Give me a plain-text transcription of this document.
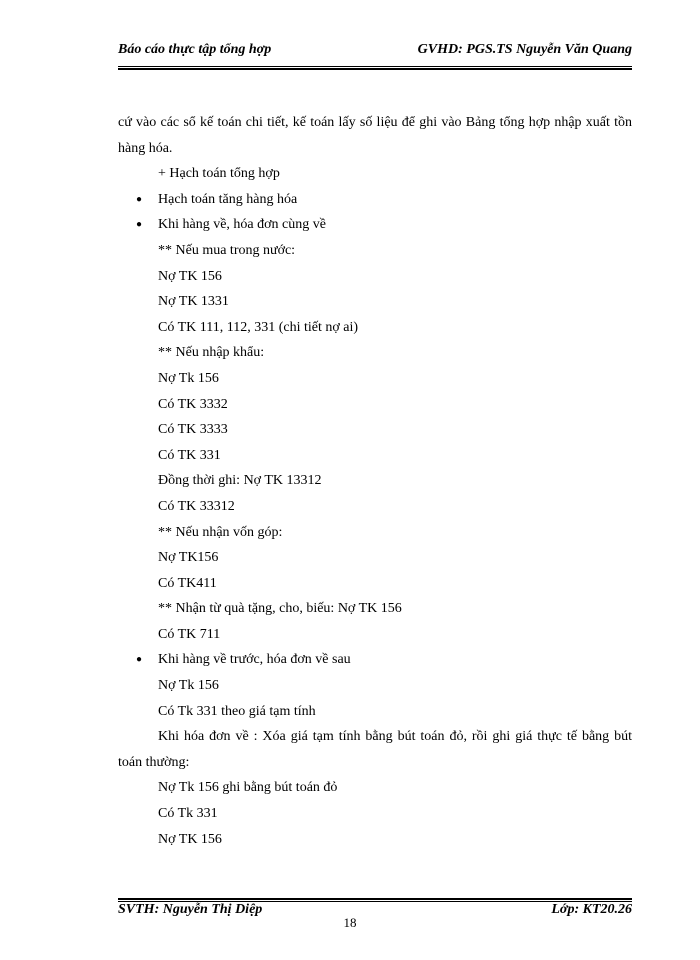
Báo cáo thực tập tổng hợp	GVHD: PGS.TS Nguyễn Văn Quang

cứ vào các sổ kế toán chi tiết, kế toán lấy số liệu để ghi vào Bảng tổng hợp nhập xuất tồn hàng hóa.

+ Hạch toán tổng hợp

● Hạch toán tăng hàng hóa
● Khi hàng về, hóa đơn cùng về

** Nếu mua trong nước:

Nợ TK 156

Nợ TK 1331

Có TK 111, 112, 331 (chi tiết nợ ai)

** Nếu nhập khẩu:

Nợ Tk 156

Có TK 3332

Có TK 3333

Có TK 331

Đồng thời ghi: Nợ TK 13312

Có TK 33312

** Nếu nhận vốn góp:

Nợ TK156

Có TK411

** Nhận từ quà tặng, cho, biếu: Nợ TK 156

Có TK 711

● Khi hàng về trước, hóa đơn về sau

Nợ Tk 156

Có Tk 331 theo giá tạm tính

Khi hóa đơn về : Xóa giá tạm tính bằng bút toán đỏ, rồi ghi giá thực tế bằng bút toán thường:

Nợ Tk 156 ghi bằng bút toán đỏ

Có Tk 331

Nợ TK 156

SVTH: Nguyễn Thị Diệp	Lớp: KT20.26
18
